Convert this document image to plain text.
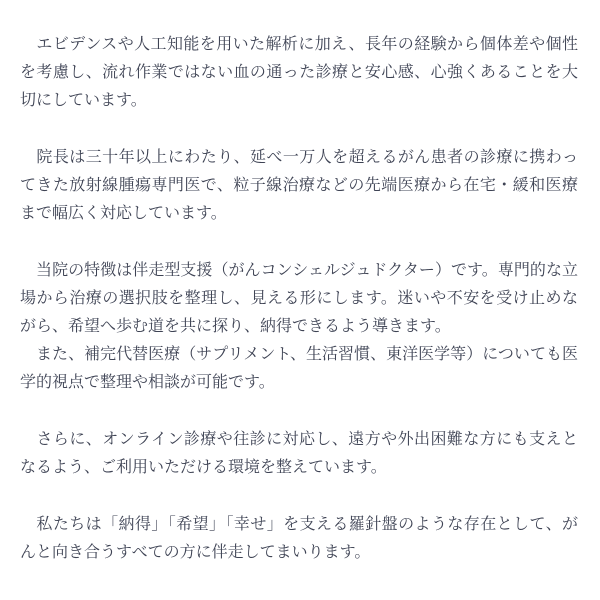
　エビデンスや人工知能を用いた解析に加え、長年の経験から個体差や個性を考慮し、流れ作業ではない血の通った診療と安心感、心強くあることを大切にしています。

　院長は三十年以上にわたり、延べ一万人を超えるがん患者の診療に携わってきた放射線腫瘍専門医で、粒子線治療などの先端医療から在宅・緩和医療まで幅広く対応しています。

　当院の特徴は伴走型支援（がんコンシェルジュドクター）です。専門的な立場から治療の選択肢を整理し、見える形にします。迷いや不安を受け止めながら、希望へ歩む道を共に探り、納得できるよう導きます。

　また、補完代替医療（サプリメント、生活習慣、東洋医学等）についても医学的視点で整理や相談が可能です。

　さらに、オンライン診療や往診に対応し、遠方や外出困難な方にも支えとなるよう、ご利用いただける環境を整えています。

　私たちは「納得」「希望」「幸せ」を支える羅針盤のような存在として、がんと向き合うすべての方に伴走してまいります。
